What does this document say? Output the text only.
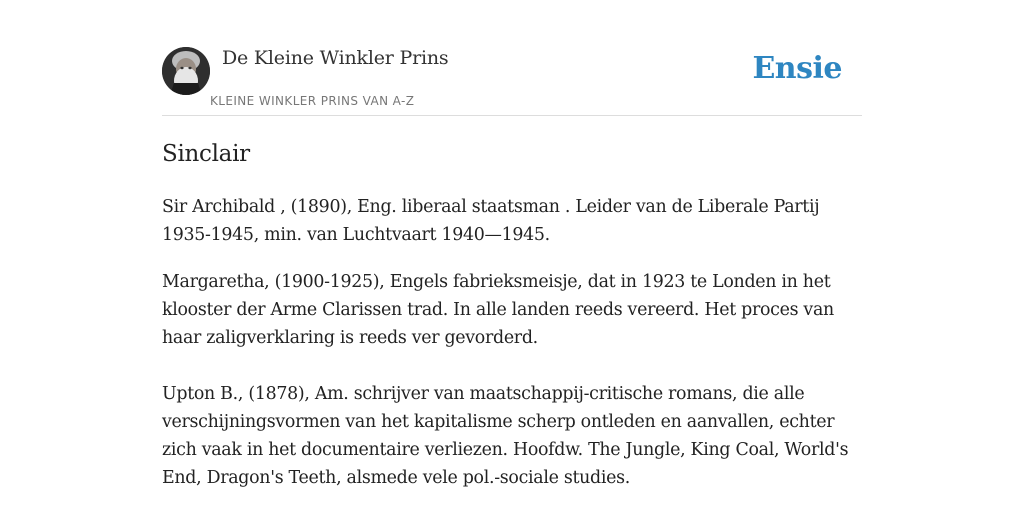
De Kleine Winkler Prins
KLEINE WINKLER PRINS VAN A-Z
Ensie
Sinclair

Sir Archibald , (1890), Eng. liberaal staatsman . Leider van de Liberale Partij 1935-1945, min. van Luchtvaart 1940—1945.

Margaretha, (1900-1925), Engels fabrieksmeisje, dat in 1923 te Londen in het klooster der Arme Clarissen trad. In alle landen reeds vereerd. Het proces van haar zaligverklaring is reeds ver gevorderd.

Upton B., (1878), Am. schrijver van maatschappij-critische romans, die alle verschijningsvormen van het kapitalisme scherp ontleden en aanvallen, echter zich vaak in het documentaire verliezen. Hoofdw. The Jungle, King Coal, World's End, Dragon's Teeth, alsmede vele pol.-sociale studies.
